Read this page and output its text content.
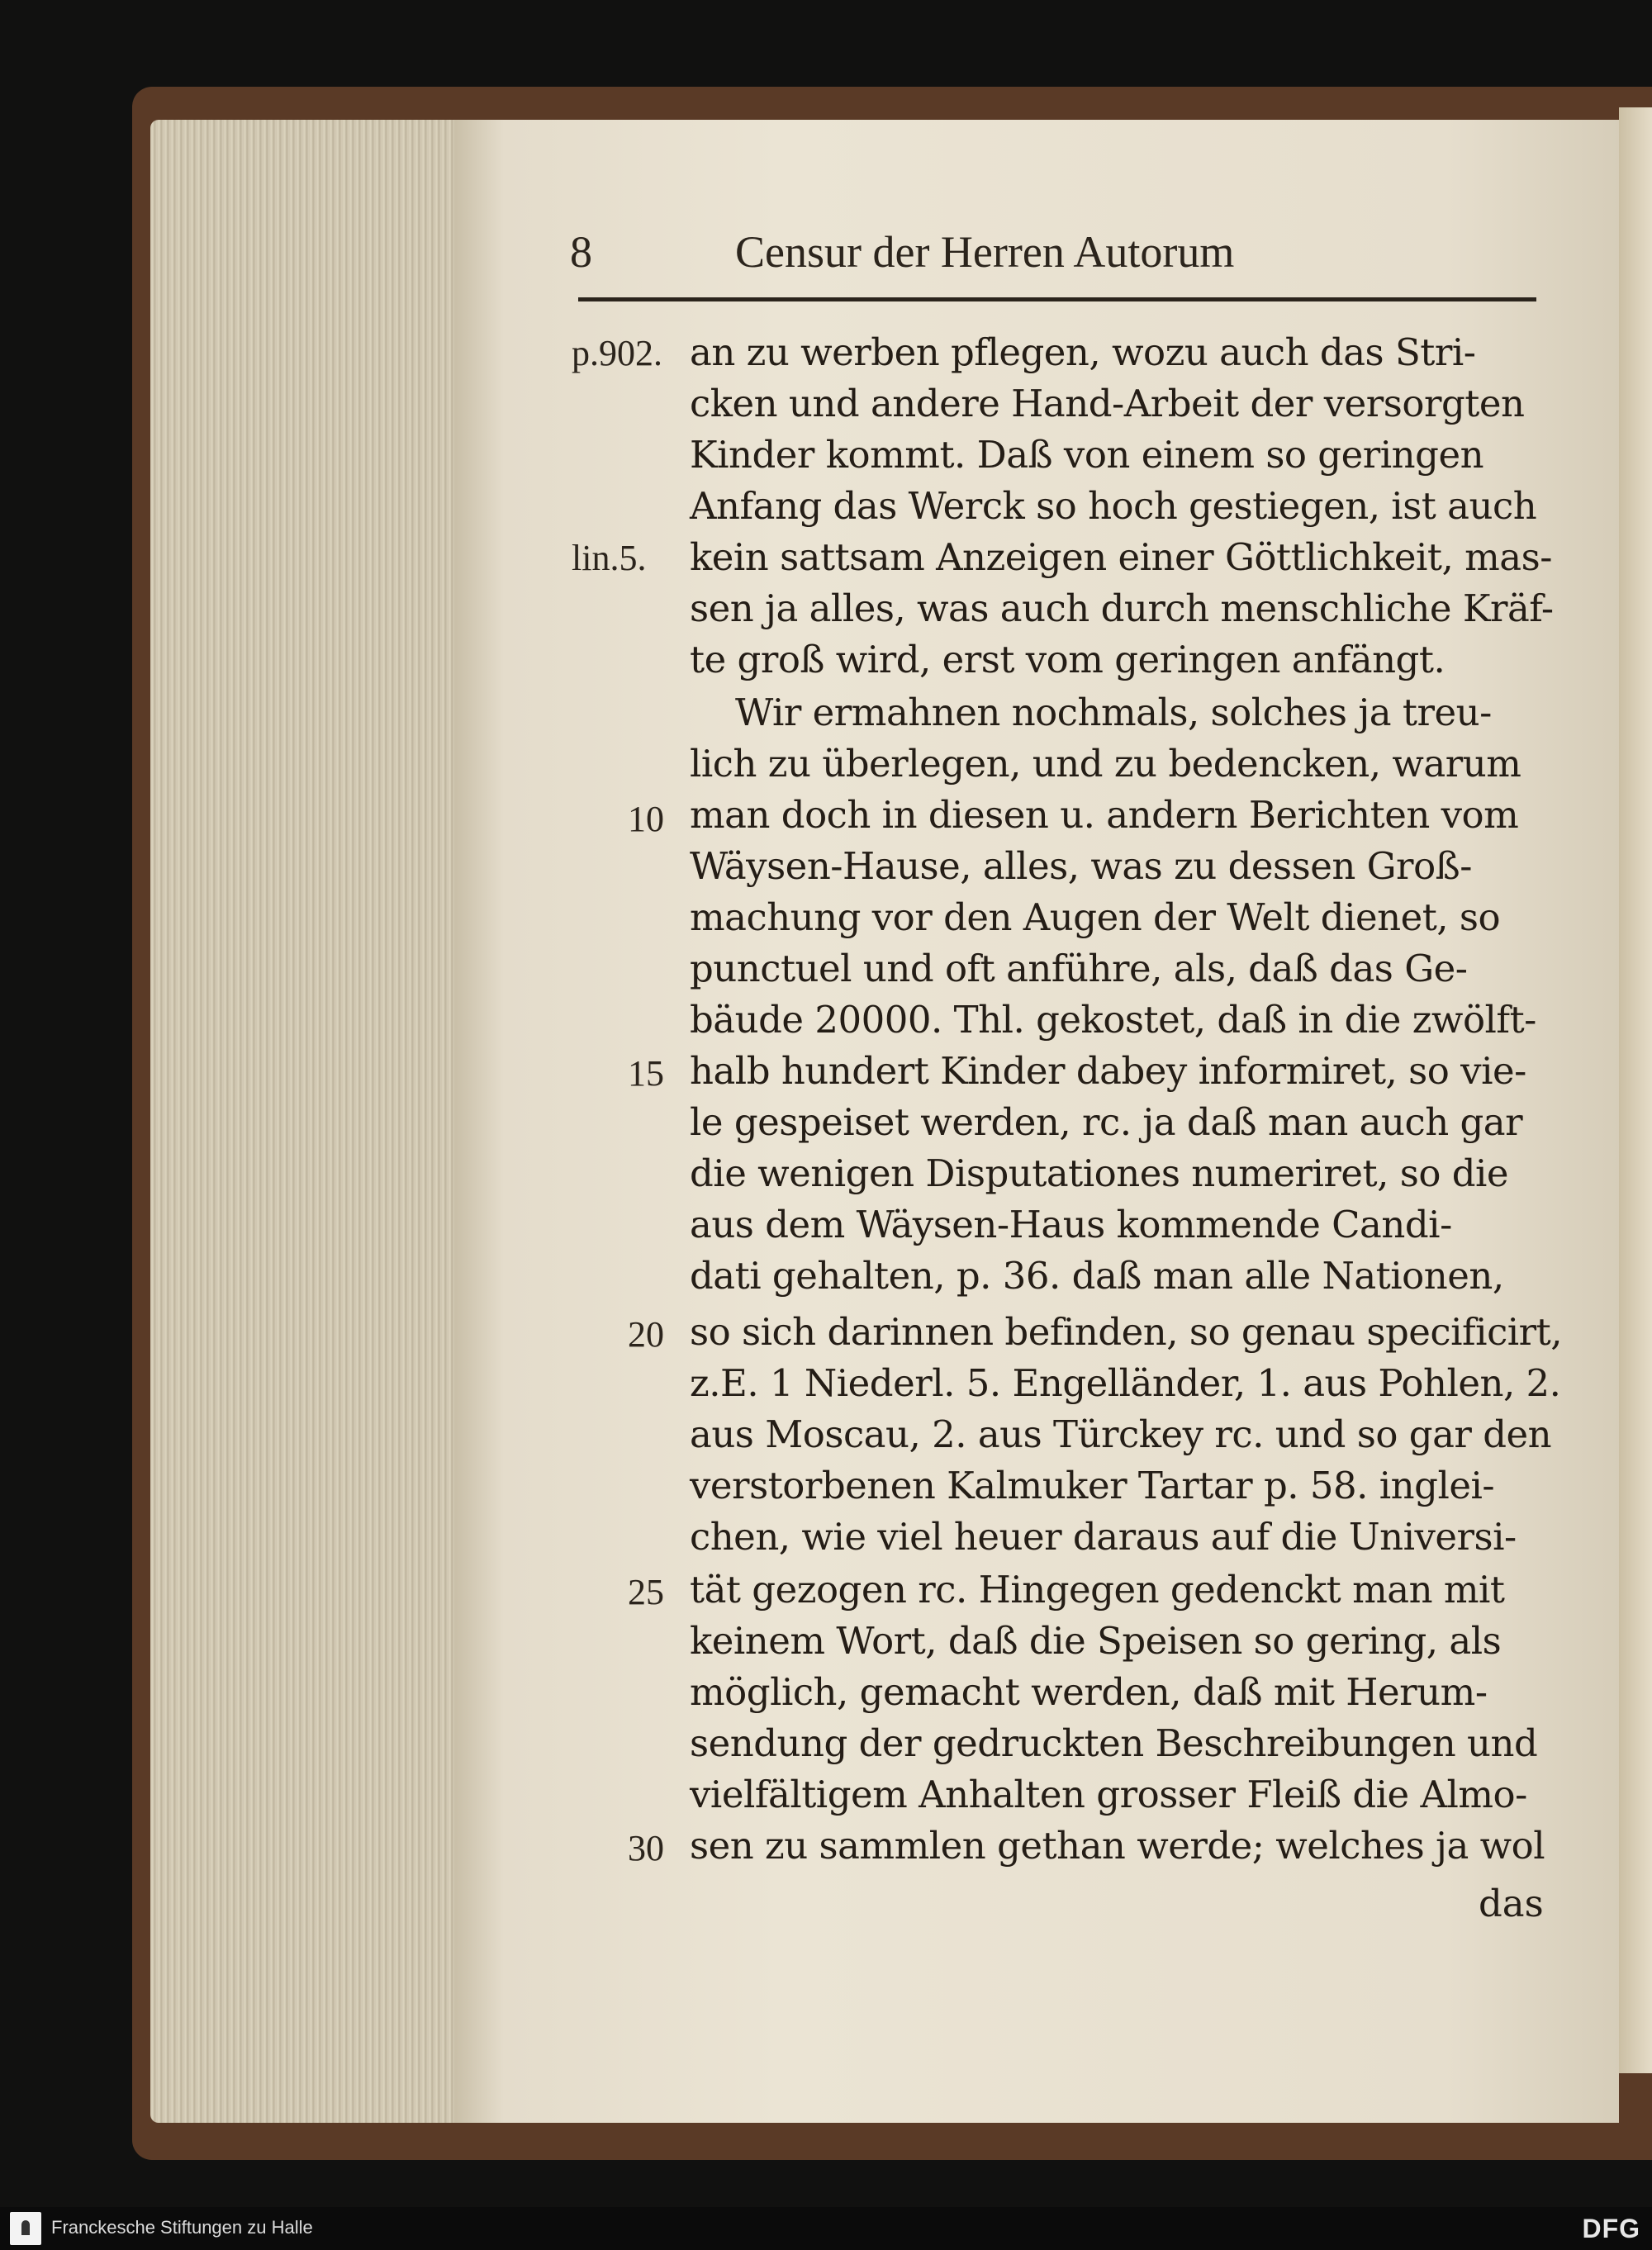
8	Censur der Herren Autorum
p.902.
lin.5.
10
15
20
25
30
an zu werben pflegen, wozu auch das Stri-
cken und andere Hand-Arbeit der versorgten
Kinder kommt. Daß von einem so geringen
Anfang das Werck so hoch gestiegen, ist auch
kein sattsam Anzeigen einer Göttlichkeit, mas-
sen ja alles, was auch durch menschliche Kräf-
te groß wird, erst vom geringen anfängt.
Wir ermahnen nochmals, solches ja treu-
lich zu überlegen, und zu bedencken, warum
man doch in diesen u. andern Berichten vom
Wäysen-Hause, alles, was zu dessen Groß-
machung vor den Augen der Welt dienet, so
punctuel und oft anführe, als, daß das Ge-
bäude 20000. Thl. gekostet, daß in die zwölft-
halb hundert Kinder dabey informiret, so vie-
le gespeiset werden, rc. ja daß man auch gar
die wenigen Disputationes numeriret, so die
aus dem Wäysen-Haus kommende Candi-
dati gehalten, p. 36. daß man alle Nationen,
so sich darinnen befinden, so genau specificirt,
z.E. 1 Niederl. 5. Engelländer, 1. aus Pohlen, 2.
aus Moscau, 2. aus Türckey rc. und so gar den
verstorbenen Kalmuker Tartar p. 58. inglei-
chen, wie viel heuer daraus auf die Universi-
tät gezogen rc. Hingegen gedenckt man mit
keinem Wort, daß die Speisen so gering, als
möglich, gemacht werden, daß mit Herum-
sendung der gedruckten Beschreibungen und
vielfältigem Anhalten grosser Fleiß die Almo-
sen zu sammlen gethan werde; welches ja wol
das
Franckesche Stiftungen zu Halle	DFG
